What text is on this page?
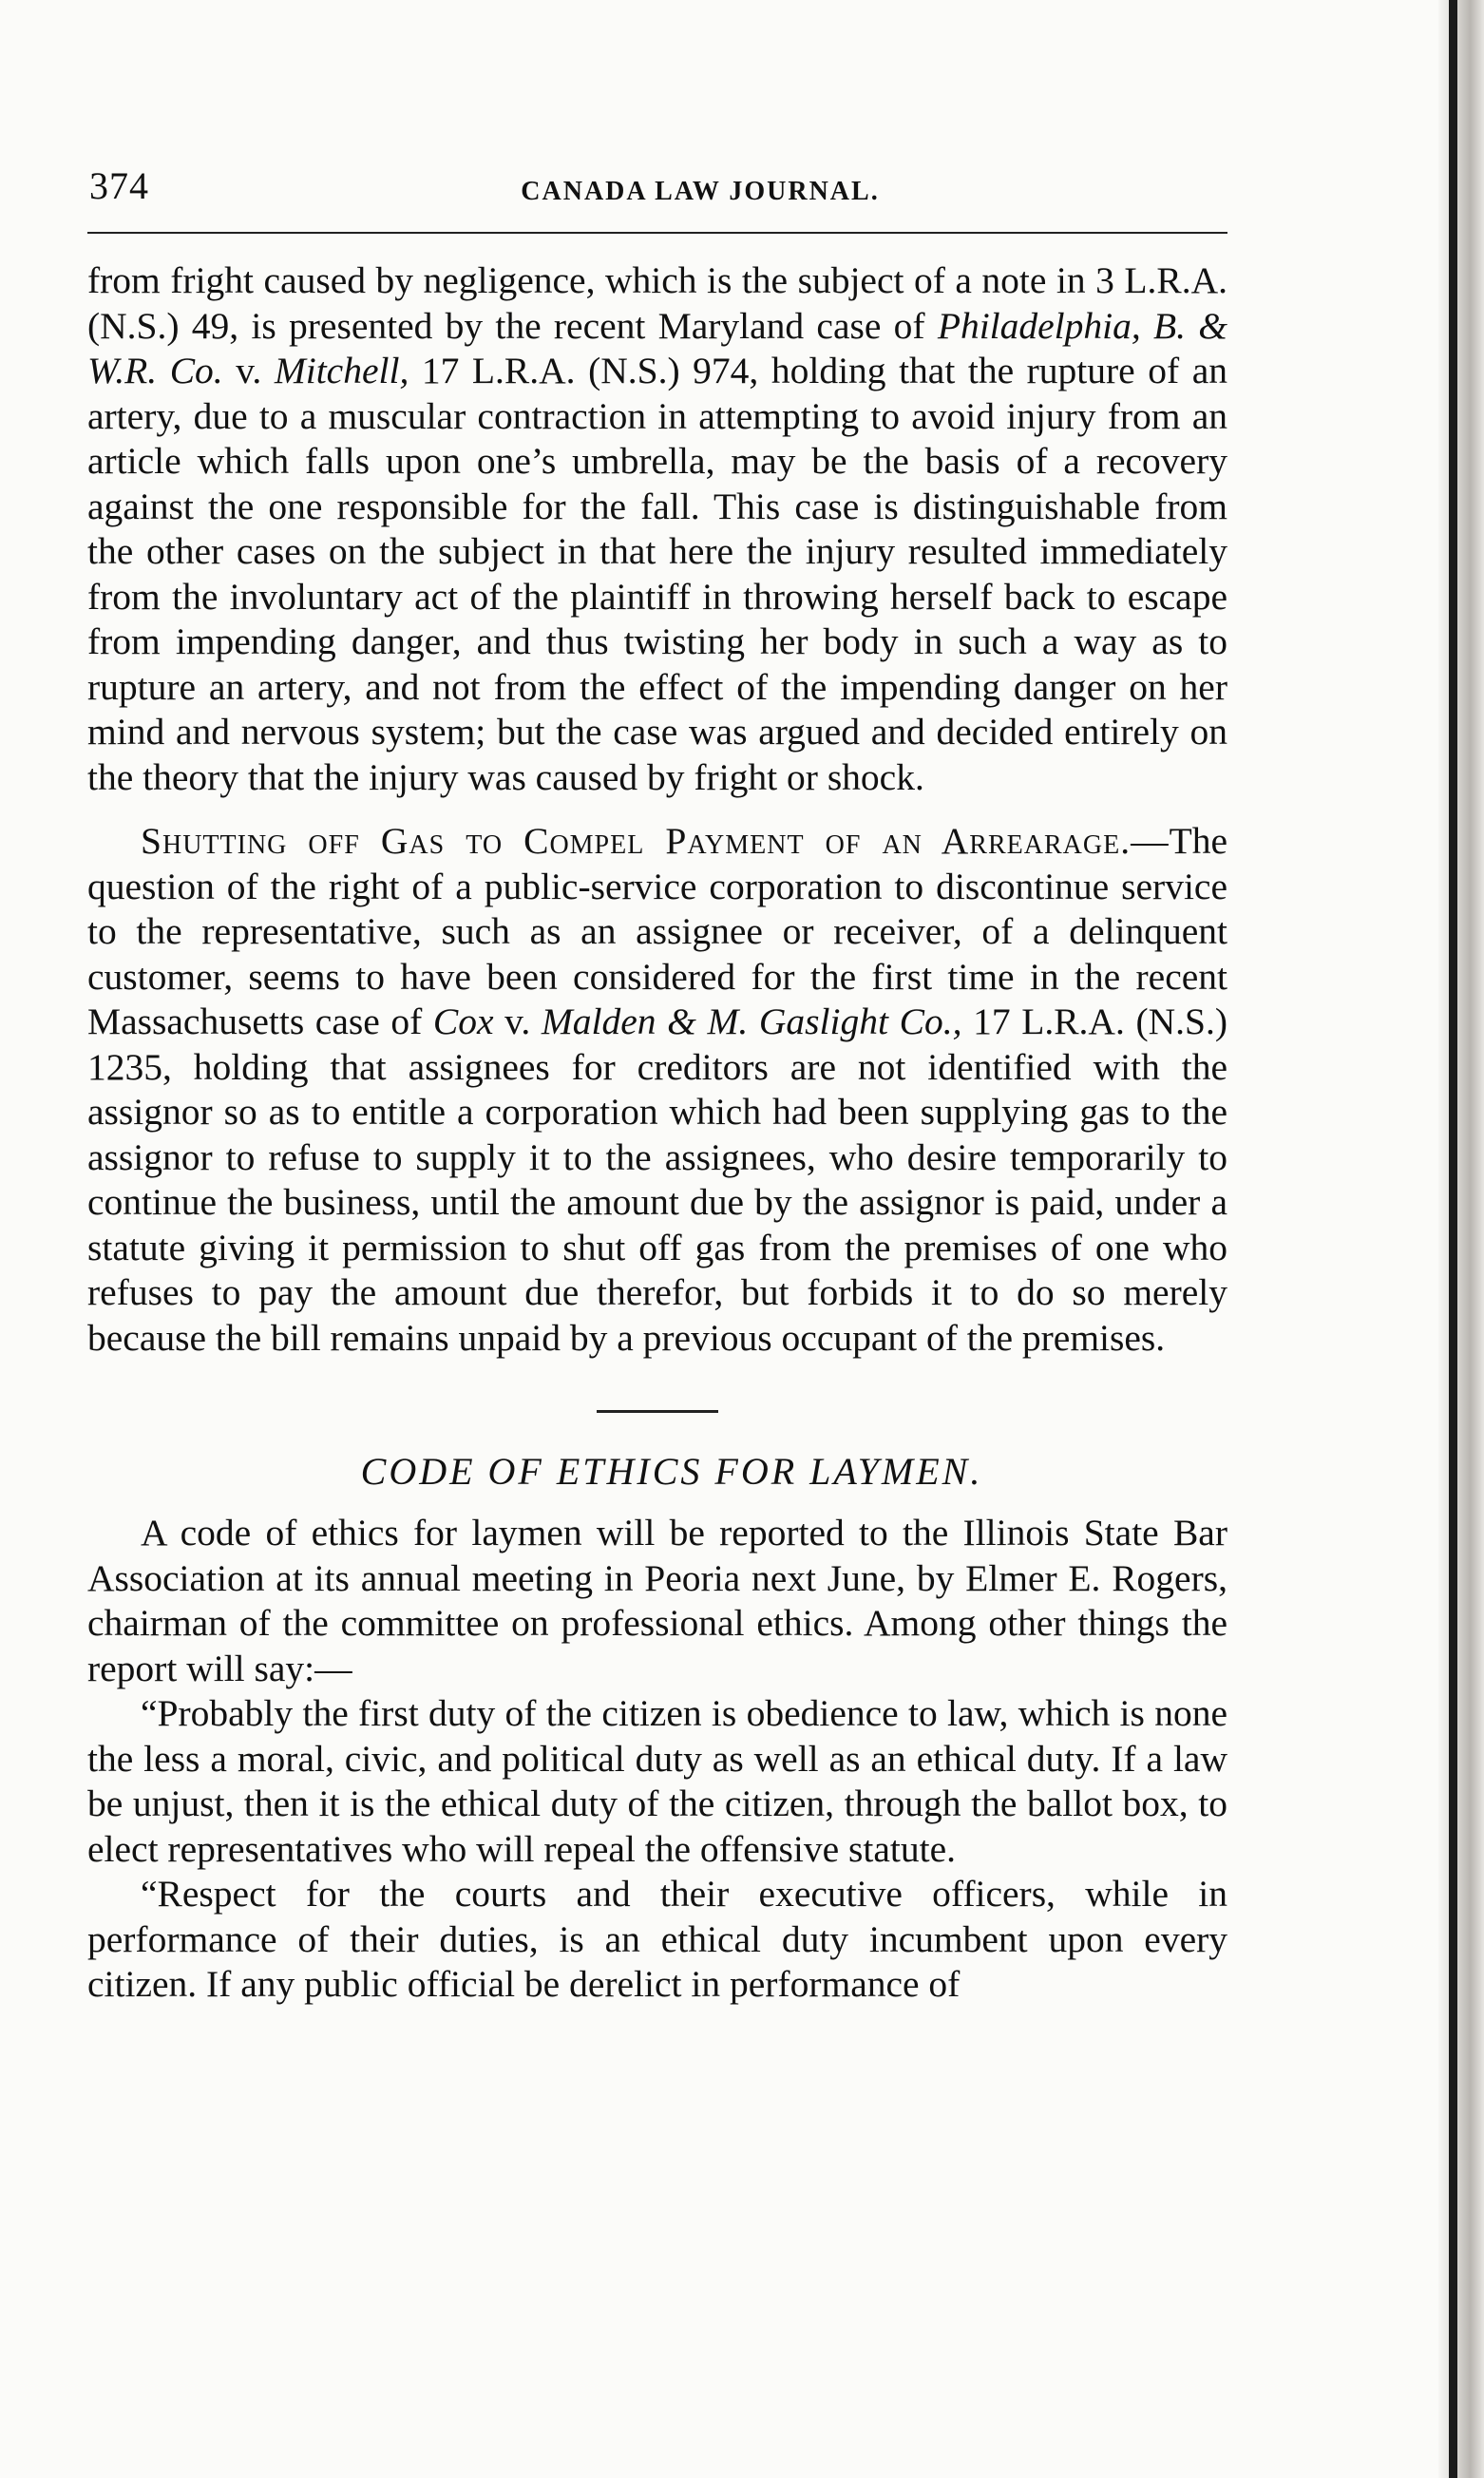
374	CANADA LAW JOURNAL.

from fright caused by negligence, which is the subject of a note in 3 L.R.A. (N.S.) 49, is presented by the recent Maryland case of Philadelphia, B. & W.R. Co. v. Mitchell, 17 L.R.A. (N.S.) 974, holding that the rupture of an artery, due to a muscular contraction in attempting to avoid injury from an article which falls upon one’s umbrella, may be the basis of a recovery against the one responsible for the fall. This case is distinguishable from the other cases on the subject in that here the injury resulted immediately from the involuntary act of the plaintiff in throwing herself back to escape from impending danger, and thus twisting her body in such a way as to rupture an artery, and not from the effect of the impending danger on her mind and nervous system; but the case was argued and decided entirely on the theory that the injury was caused by fright or shock.

Shutting off Gas to Compel Payment of an Arrearage.—The question of the right of a public-service corporation to discontinue service to the representative, such as an assignee or receiver, of a delinquent customer, seems to have been considered for the first time in the recent Massachusetts case of Cox v. Malden & M. Gaslight Co., 17 L.R.A. (N.S.) 1235, holding that assignees for creditors are not identified with the assignor so as to entitle a corporation which had been supplying gas to the assignor to refuse to supply it to the assignees, who desire temporarily to continue the business, until the amount due by the assignor is paid, under a statute giving it permission to shut off gas from the premises of one who refuses to pay the amount due therefor, but forbids it to do so merely because the bill remains unpaid by a previous occupant of the premises.

CODE OF ETHICS FOR LAYMEN.

A code of ethics for laymen will be reported to the Illinois State Bar Association at its annual meeting in Peoria next June, by Elmer E. Rogers, chairman of the committee on professional ethics. Among other things the report will say:—

“Probably the first duty of the citizen is obedience to law, which is none the less a moral, civic, and political duty as well as an ethical duty. If a law be unjust, then it is the ethical duty of the citizen, through the ballot box, to elect representatives who will repeal the offensive statute.

“Respect for the courts and their executive officers, while in performance of their duties, is an ethical duty incumbent upon every citizen. If any public official be derelict in performance of
